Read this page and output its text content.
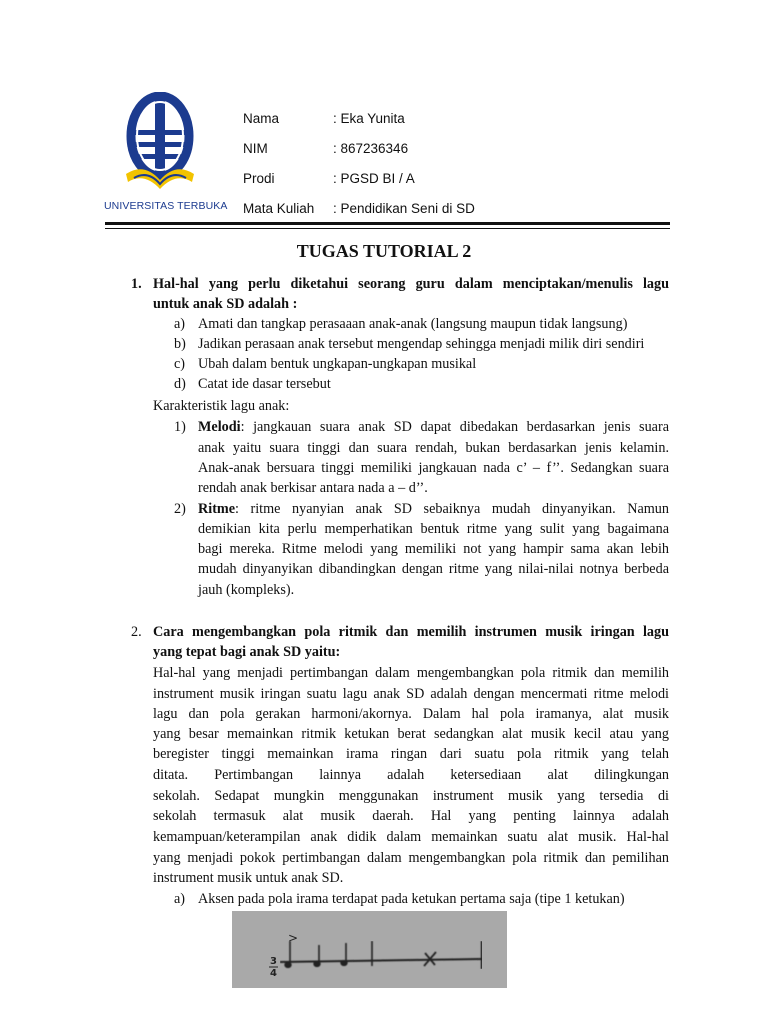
UNIVERSITAS TERBUKA
Nama	: Eka Yunita
NIM	: 867236346
Prodi	: PGSD BI / A
Mata Kuliah : Pendidikan Seni di SD
TUGAS TUTORIAL 2
1. Hal-hal yang perlu diketahui seorang guru dalam menciptakan/menulis lagu
untuk anak SD adalah :
a) Amati dan tangkap perasaaan anak-anak (langsung maupun tidak langsung)
b) Jadikan perasaan anak tersebut mengendap sehingga menjadi milik diri sendiri
c) Ubah dalam bentuk ungkapan-ungkapan musikal
d) Catat ide dasar tersebut
Karakteristik lagu anak:
1) Melodi: jangkauan suara anak SD dapat dibedakan berdasarkan jenis suara
anak yaitu suara tinggi dan suara rendah, bukan berdasarkan jenis kelamin.
Anak-anak bersuara tinggi memiliki jangkauan nada c’ – f’’. Sedangkan suara
rendah anak berkisar antara nada a – d’’.
2) Ritme: ritme nyanyian anak SD sebaiknya mudah dinyanyikan. Namun
demikian kita perlu memperhatikan bentuk ritme yang sulit yang bagaimana
bagi mereka. Ritme melodi yang memiliki not yang hampir sama akan lebih
mudah dinyanyikan dibandingkan dengan ritme yang nilai-nilai notnya berbeda
jauh (kompleks).
2. Cara mengembangkan pola ritmik dan memilih instrumen musik iringan lagu
yang tepat bagi anak SD yaitu:
Hal-hal yang menjadi pertimbangan dalam mengembangkan pola ritmik dan memilih
instrument musik iringan suatu lagu anak SD adalah dengan mencermati ritme melodi
lagu dan pola gerakan harmoni/akornya. Dalam hal pola iramanya, alat musik
yang besar memainkan ritmik ketukan berat sedangkan alat musik kecil atau yang
beregister tinggi memainkan irama ringan dari suatu pola ritmik yang telah
ditata. Pertimbangan lainnya adalah ketersediaan alat dilingkungan
sekolah. Sedapat mungkin menggunakan instrument musik yang tersedia di
sekolah termasuk alat musik daerah. Hal yang penting lainnya adalah
kemampuan/keterampilan anak didik dalam memainkan suatu alat musik. Hal-hal
yang menjadi pokok pertimbangan dalam mengembangkan pola ritmik dan pemilihan
instrument musik untuk anak SD.
a) Aksen pada pola irama terdapat pada ketukan pertama saja (tipe 1 ketukan)
>
3
4
